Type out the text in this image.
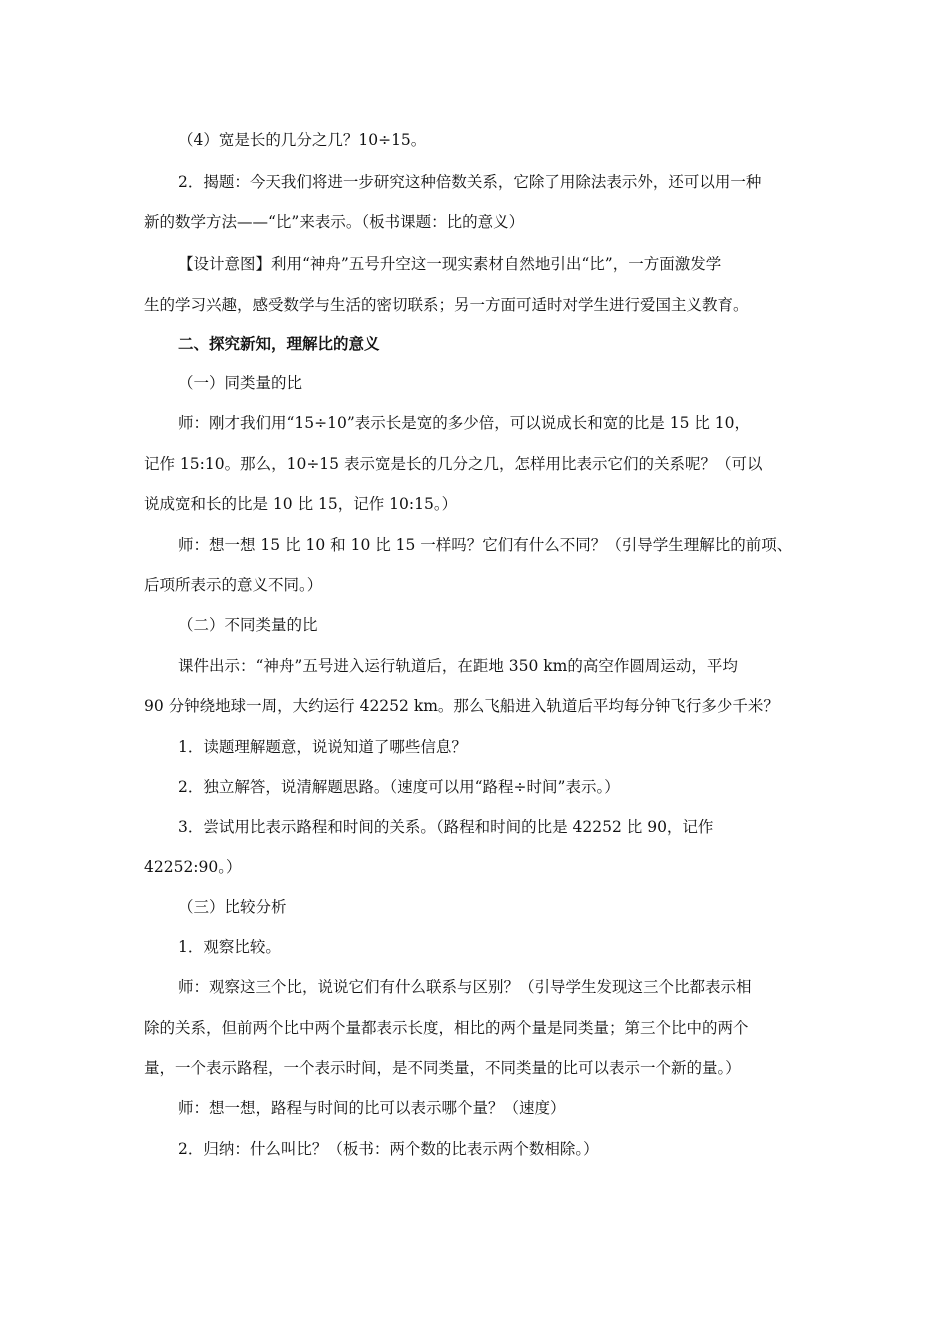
（4）宽是长的几分之几？10÷15。
2．揭题：今天我们将进一步研究这种倍数关系，它除了用除法表示外，还可以用一种
新的数学方法——“比”来表示。（板书课题：比的意义）
【设计意图】利用“神舟”五号升空这一现实素材自然地引出“比”，一方面激发学
生的学习兴趣，感受数学与生活的密切联系；另一方面可适时对学生进行爱国主义教育。
二、探究新知，理解比的意义
（一）同类量的比
师：刚才我们用“15÷10”表示长是宽的多少倍，可以说成长和宽的比是 15 比 10，
记作 15:10。那么，10÷15 表示宽是长的几分之几，怎样用比表示它们的关系呢？（可以
说成宽和长的比是 10 比 15，记作 10:15。）
师：想一想 15 比 10 和 10 比 15 一样吗？它们有什么不同？（引导学生理解比的前项、
后项所表示的意义不同。）
（二）不同类量的比
课件出示：“神舟”五号进入运行轨道后，在距地 350 km的高空作圆周运动，平均
90 分钟绕地球一周，大约运行 42252 km。那么飞船进入轨道后平均每分钟飞行多少千米？
1．读题理解题意，说说知道了哪些信息？
2．独立解答，说清解题思路。（速度可以用“路程÷时间”表示。）
3．尝试用比表示路程和时间的关系。（路程和时间的比是 42252 比 90，记作
42252:90。）
（三）比较分析
1．观察比较。
师：观察这三个比，说说它们有什么联系与区别？（引导学生发现这三个比都表示相
除的关系，但前两个比中两个量都表示长度，相比的两个量是同类量；第三个比中的两个
量，一个表示路程，一个表示时间，是不同类量，不同类量的比可以表示一个新的量。）
师：想一想，路程与时间的比可以表示哪个量？（速度）
2．归纳：什么叫比？（板书：两个数的比表示两个数相除。）
